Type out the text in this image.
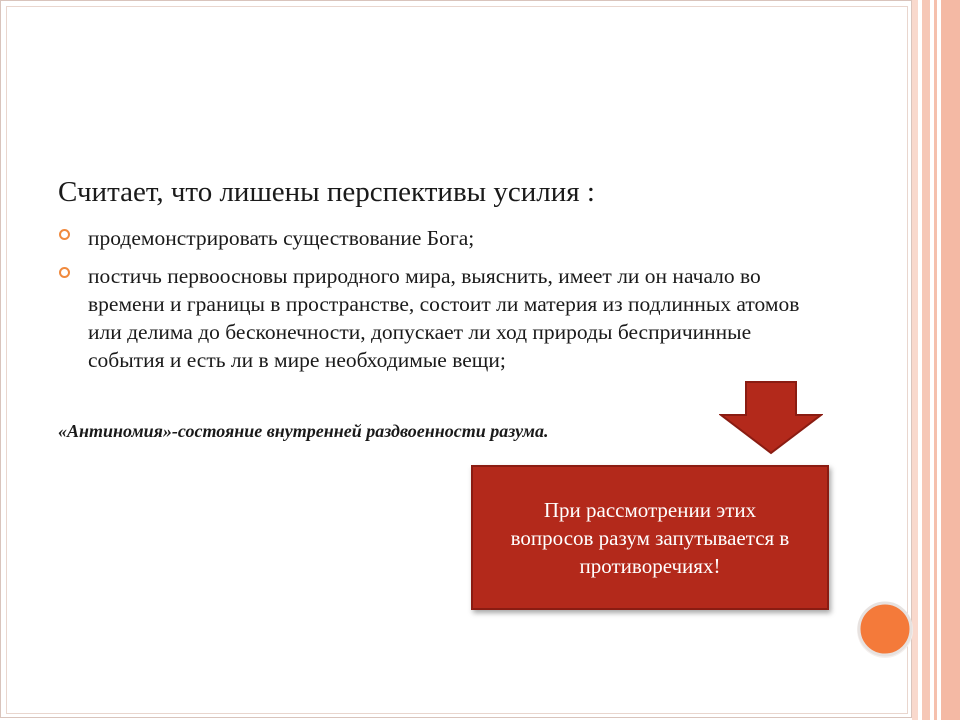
Считает, что лишены перспективы усилия :
продемонстрировать существование Бога;
постичь первоосновы природного мира, выяснить, имеет ли он начало во времени и границы в пространстве, состоит ли материя из подлинных атомов или делима до бесконечности, допускает ли ход природы беспричинные события и есть ли в мире необходимые вещи;

«Антиномия»-состояние внутренней раздвоенности разума.

При рассмотрении этих вопросов разум запутывается в противоречиях!
